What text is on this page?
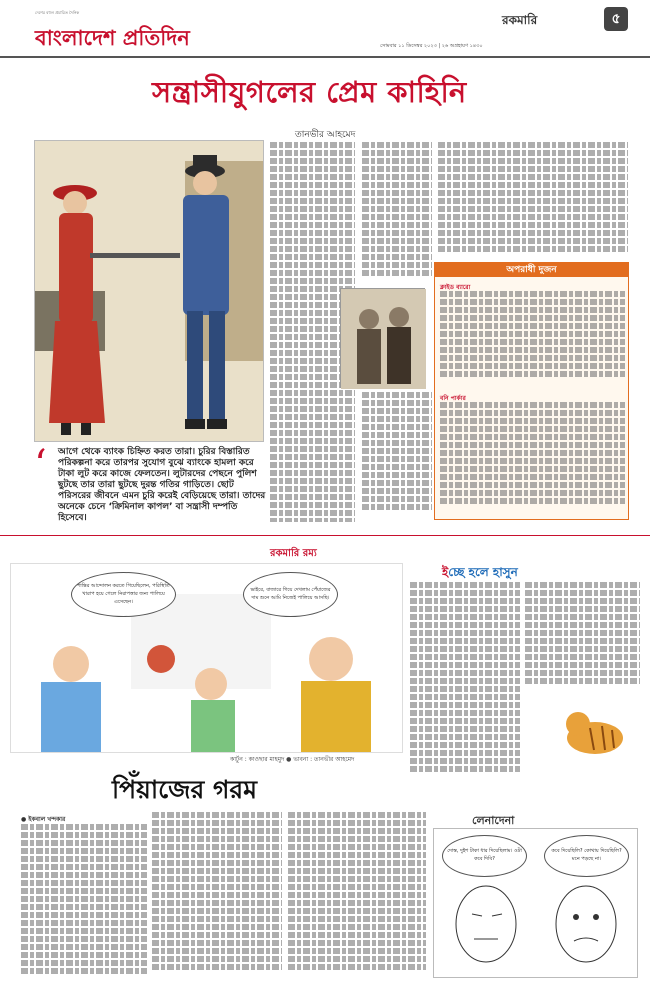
দেশের বহুল প্রচারিত দৈনিক
বাংলাদেশ প্রতিদিন
রকমারি	৫
সোমবার ১১ ডিসেম্বর ২০২৩ | ২৬ অগ্রহায়ণ ১৪৩০
সন্ত্রাসীযুগলের প্রেম কাহিনি
তানভীর আহমেদ
অপরাধী দুজন
ক্লাইড ব্যারো
বনি পার্কার
‘ আগে থেকে ব্যাংক চিহ্নিত করত তারা। চুরির বিস্তারিত পরিকল্পনা করে তারপর সুযোগ বুঝে ব্যাংকে হামলা করে টাকা লুট করে কাজে ফেলতেন। লুটারদের পেছনে পুলিশ ছুটছে তার তারা ছুটছে দুরন্ত গতির গাড়িতে। ছোট পরিসরের জীবনে এমন চুরি করেই বেড়িয়েছে তারা। তাদের অনেকে চেনে ‘ক্রিমিনাল কাপল’ বা সন্ত্রাসী দম্পতি হিসেবে।
রকমারি রম্য
শান্তির আন্দোলন করতে গিয়েছিলেন, পরিস্থিতি খারাপ হয়ে গেলে নিরাপত্তার জন্য পালিয়ে এসেছেন।
ভাইরে, বাজারে গিয়ে দেখলাম পেঁয়াজের দাম শুনে আমি নিজেই পালিয়ে আসছি।
কার্টুন : কাওছার মাহমুদ ● ভাবনা : তানভীর আহমেদ
ইচ্ছে হলে হাসুন
পিঁয়াজের গরম
● ইকবাল খন্দকার	লেনাদেনা
দোস্ত, দুইশ টাকা ধার দিয়েছিলাম। ওটা কবে দিবি?
কবে দিয়েছিলি? কোথায় দিয়েছিলি? মনে পড়ছে না।
